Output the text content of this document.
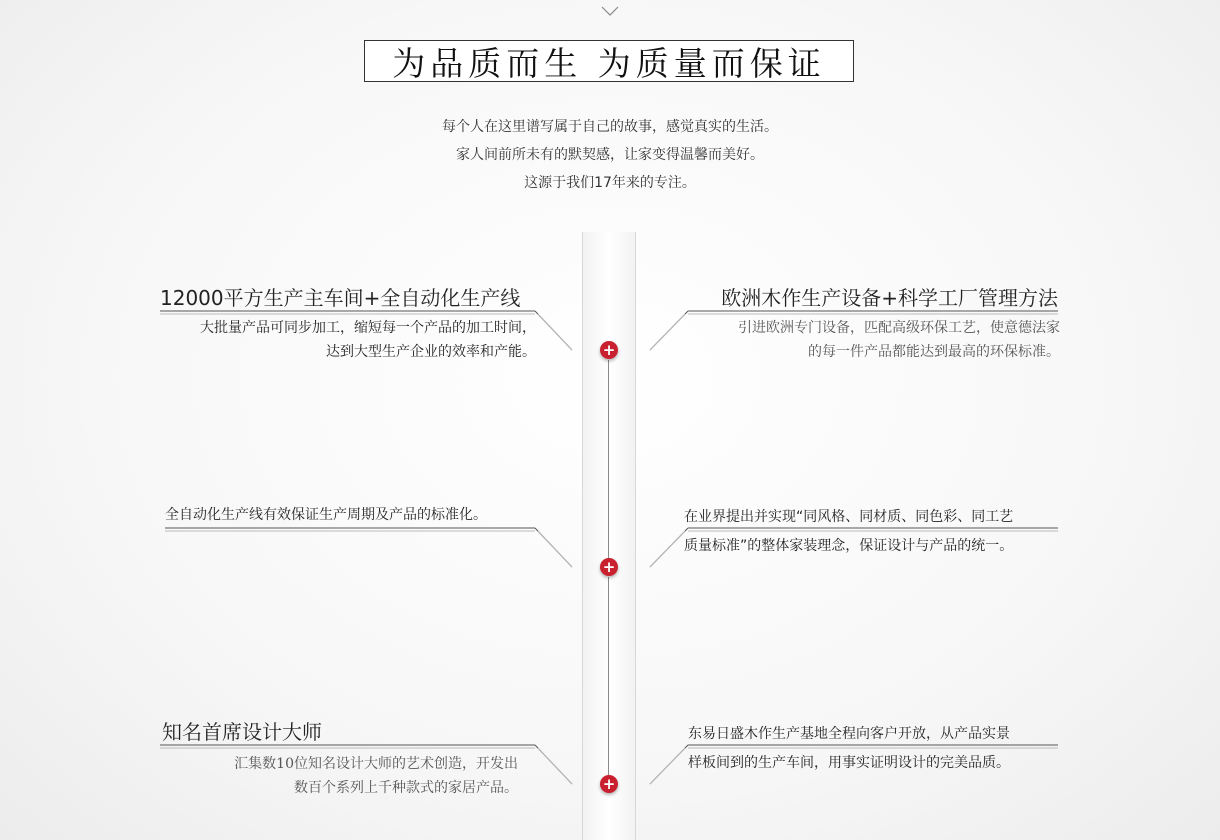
为品质而生 为质量而保证
每个人在这里谱写属于自己的故事，感觉真实的生活。
家人间前所未有的默契感，让家变得温馨而美好。
这源于我们17年来的专注。
+
+
+
12000平方生产主车间+全自动化生产线
大批量产品可同步加工，缩短每一个产品的加工时间，
达到大型生产企业的效率和产能。
全自动化生产线有效保证生产周期及产品的标准化。
知名首席设计大师
汇集数10位知名设计大师的艺术创造，开发出
数百个系列上千种款式的家居产品。
欧洲木作生产设备+科学工厂管理方法
引进欧洲专门设备，匹配高级环保工艺，使意德法家
的每一件产品都能达到最高的环保标准。
在业界提出并实现“同风格、同材质、同色彩、同工艺
质量标准”的整体家装理念，保证设计与产品的统一。
东易日盛木作生产基地全程向客户开放，从产品实景
样板间到的生产车间，用事实证明设计的完美品质。
